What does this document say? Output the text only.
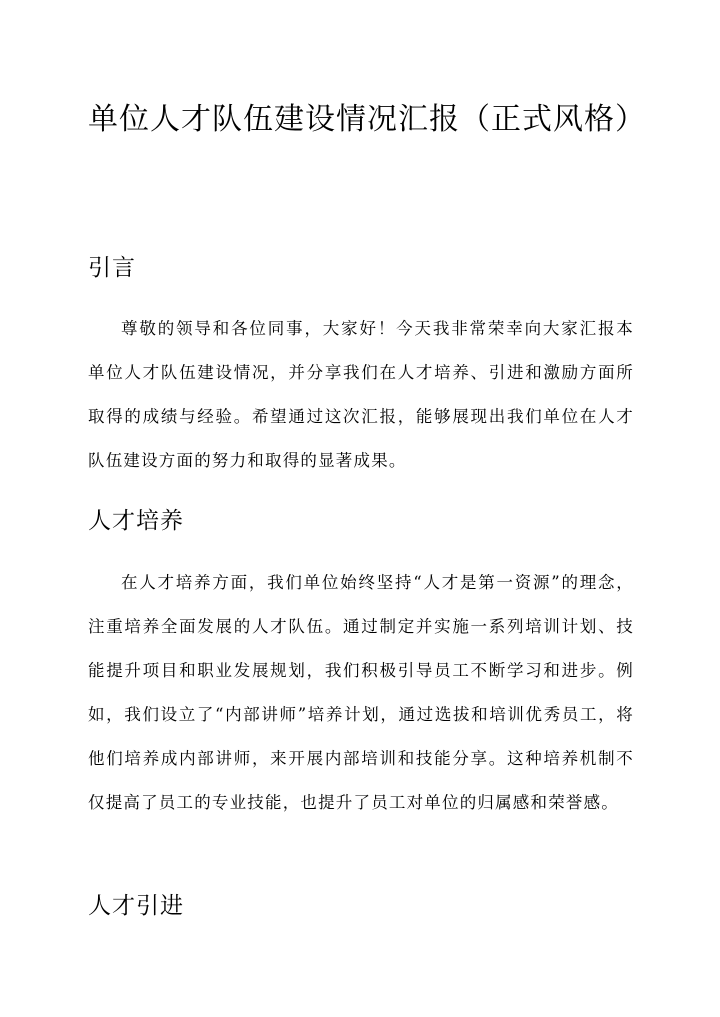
单位人才队伍建设情况汇报（正式风格）
引言

尊敬的领导和各位同事，大家好！今天我非常荣幸向大家汇报本单位人才队伍建设情况，并分享我们在人才培养、引进和激励方面所取得的成绩与经验。希望通过这次汇报，能够展现出我们单位在人才队伍建设方面的努力和取得的显著成果。

人才培养

在人才培养方面，我们单位始终坚持“人才是第一资源”的理念，注重培养全面发展的人才队伍。通过制定并实施一系列培训计划、技能提升项目和职业发展规划，我们积极引导员工不断学习和进步。例如，我们设立了“内部讲师”培养计划，通过选拔和培训优秀员工，将他们培养成内部讲师，来开展内部培训和技能分享。这种培养机制不仅提高了员工的专业技能，也提升了员工对单位的归属感和荣誉感。

人才引进
